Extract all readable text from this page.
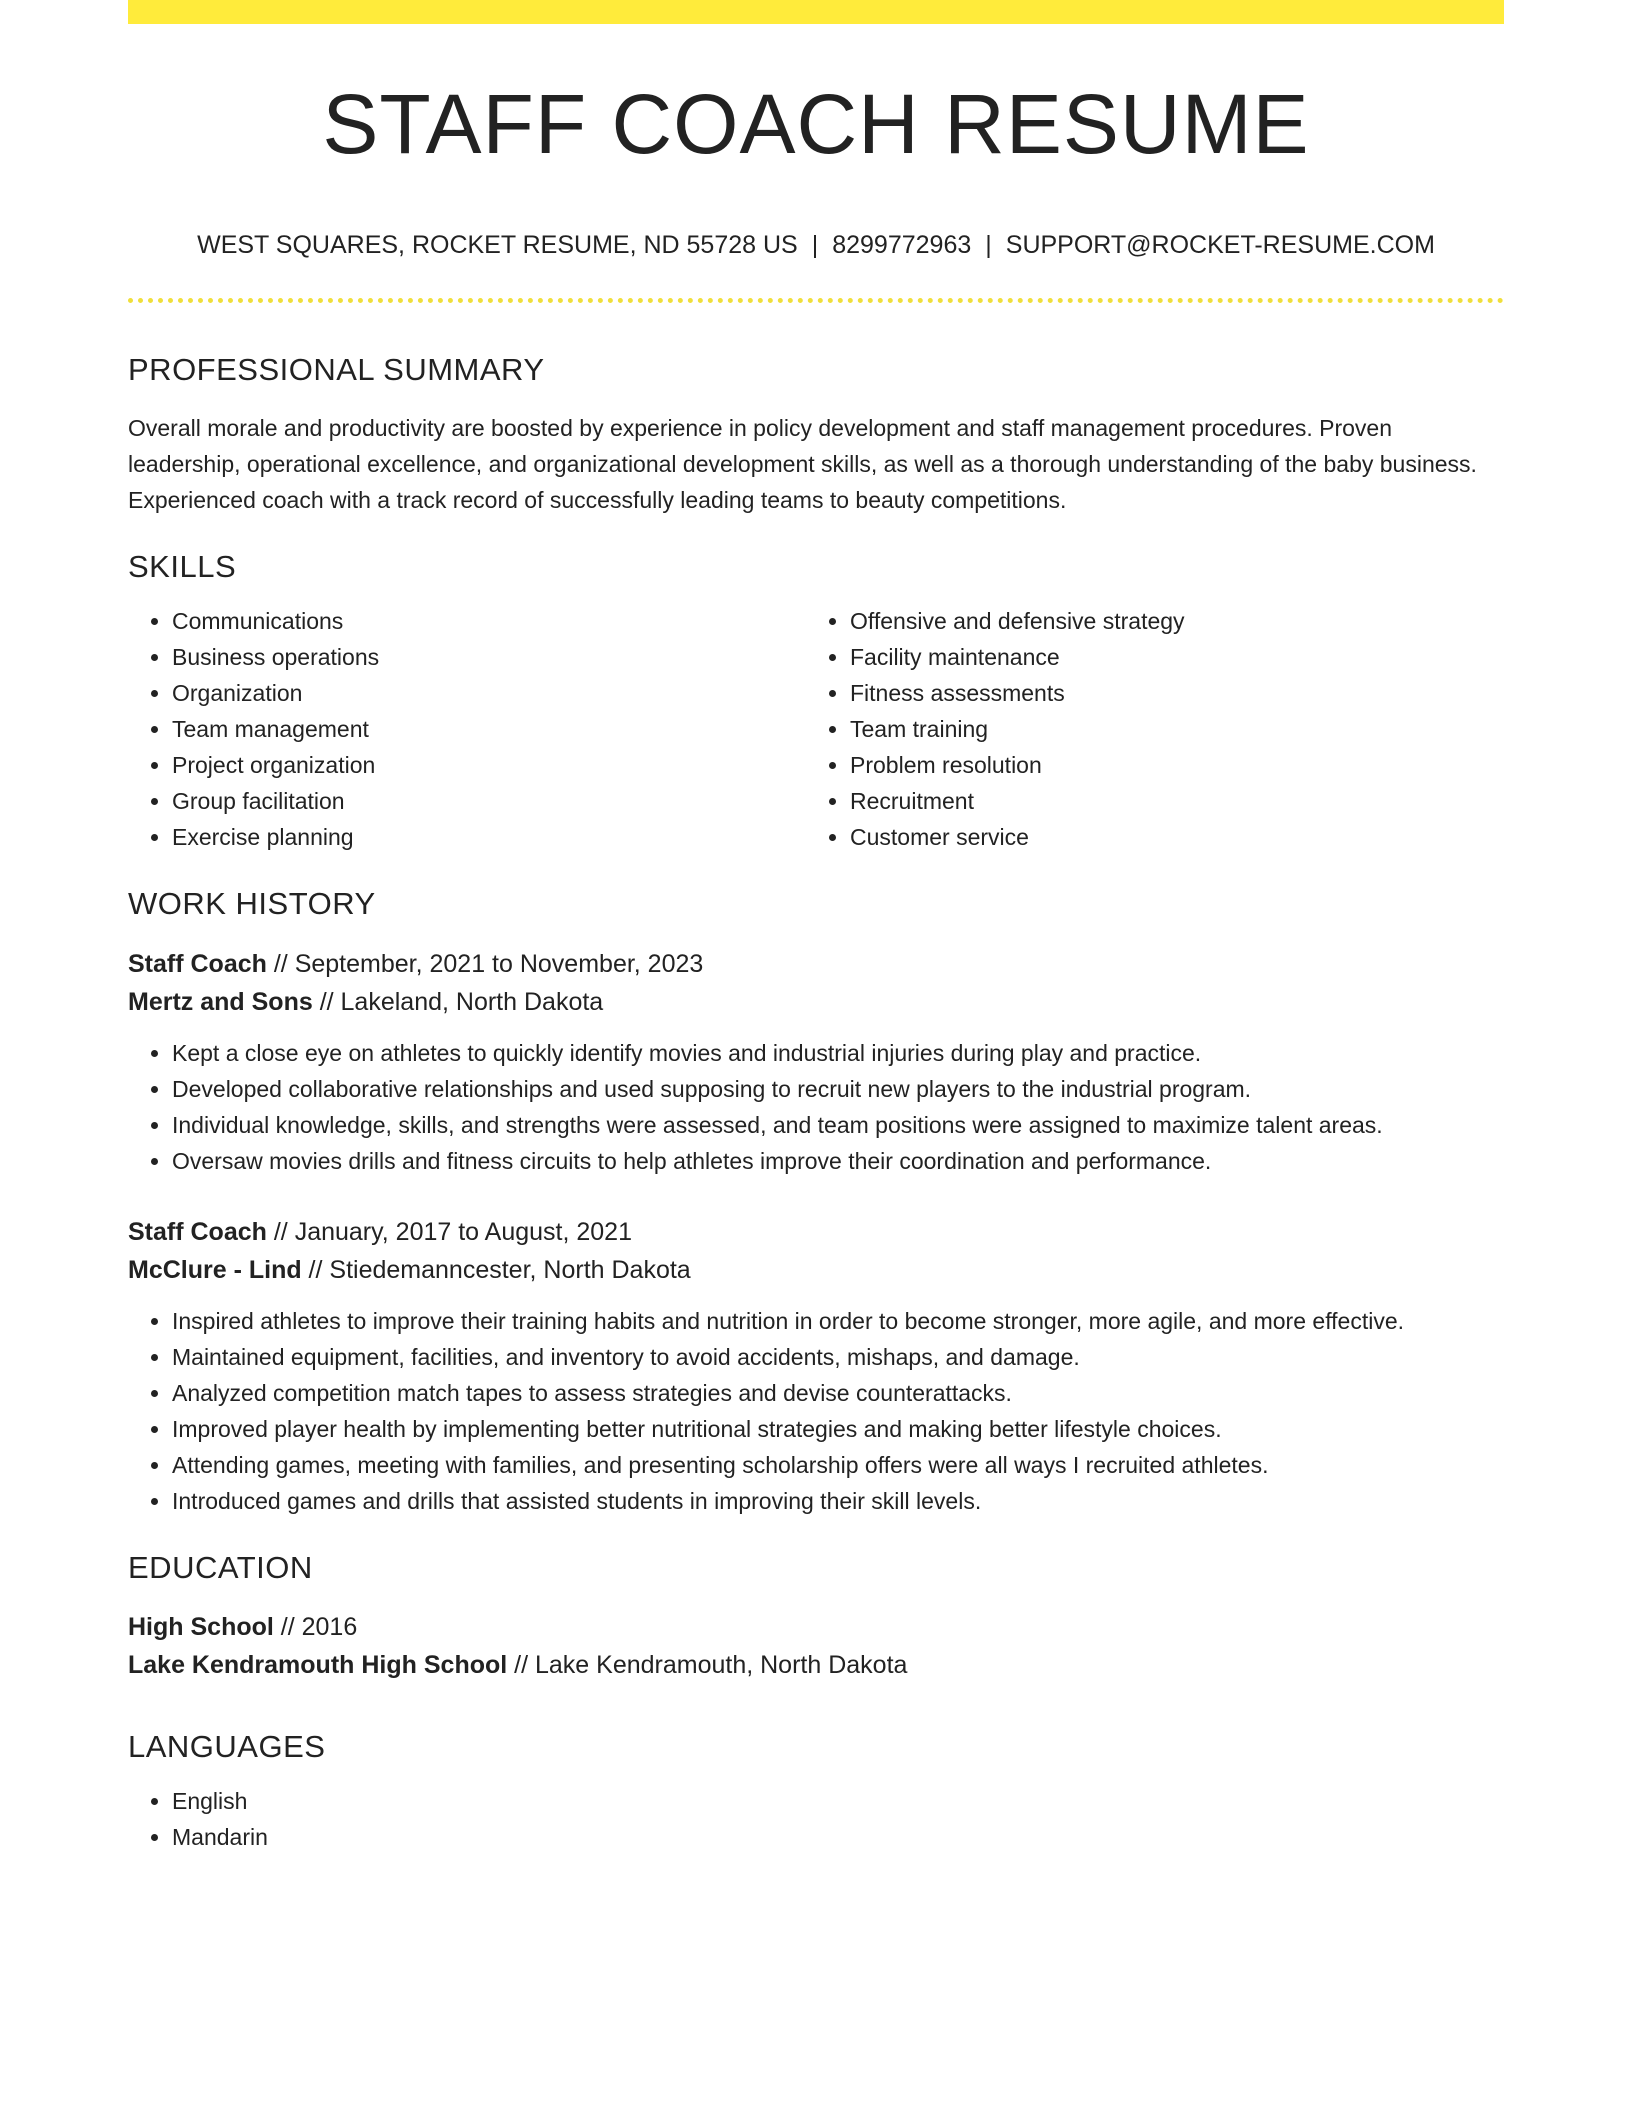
STAFF COACH RESUME
WEST SQUARES, ROCKET RESUME, ND 55728 US | 8299772963 | SUPPORT@ROCKET-RESUME.COM
PROFESSIONAL SUMMARY

Overall morale and productivity are boosted by experience in policy development and staff management procedures. Proven leadership, operational excellence, and organizational development skills, as well as a thorough understanding of the baby business. Experienced coach with a track record of successfully leading teams to beauty competitions.

SKILLS
• Communications
• Business operations
• Organization
• Team management
• Project organization
• Group facilitation
• Exercise planning
• Offensive and defensive strategy
• Facility maintenance
• Fitness assessments
• Team training
• Problem resolution
• Recruitment
• Customer service
WORK HISTORY
Staff Coach // September, 2021 to November, 2023
Mertz and Sons // Lakeland, North Dakota
• Kept a close eye on athletes to quickly identify movies and industrial injuries during play and practice.
• Developed collaborative relationships and used supposing to recruit new players to the industrial program.
• Individual knowledge, skills, and strengths were assessed, and team positions were assigned to maximize talent areas.
• Oversaw movies drills and fitness circuits to help athletes improve their coordination and performance.
Staff Coach // January, 2017 to August, 2021
McClure - Lind // Stiedemanncester, North Dakota
• Inspired athletes to improve their training habits and nutrition in order to become stronger, more agile, and more effective.
• Maintained equipment, facilities, and inventory to avoid accidents, mishaps, and damage.
• Analyzed competition match tapes to assess strategies and devise counterattacks.
• Improved player health by implementing better nutritional strategies and making better lifestyle choices.
• Attending games, meeting with families, and presenting scholarship offers were all ways I recruited athletes.
• Introduced games and drills that assisted students in improving their skill levels.
EDUCATION
High School // 2016
Lake Kendramouth High School // Lake Kendramouth, North Dakota
LANGUAGES
• English
• Mandarin
